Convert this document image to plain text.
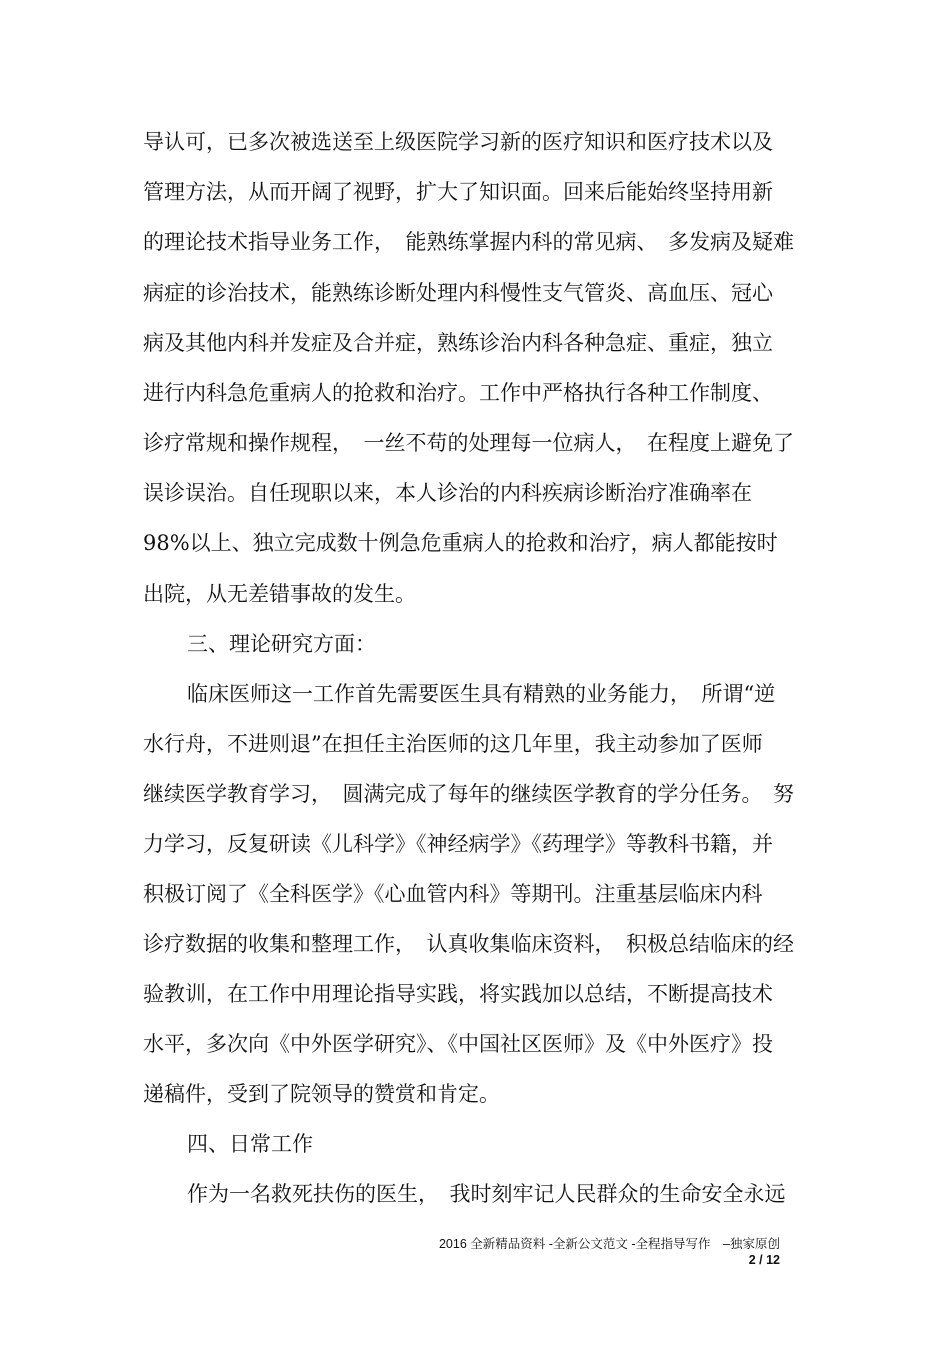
导认可，已多次被选送至上级医院学习新的医疗知识和医疗技术以及
管理方法，从而开阔了视野，扩大了知识面。回来后能始终坚持用新
的理论技术指导业务工作，　能熟练掌握内科的常见病、　多发病及疑难
病症的诊治技术，能熟练诊断处理内科慢性支气管炎、高血压、冠心
病及其他内科并发症及合并症，熟练诊治内科各种急症、重症，独立
进行内科急危重病人的抢救和治疗。工作中严格执行各种工作制度、
诊疗常规和操作规程，　一丝不苟的处理每一位病人，　在程度上避免了
误诊误治。自任现职以来，本人诊治的内科疾病诊断治疗准确率在
98%以上、独立完成数十例急危重病人的抢救和治疗，病人都能按时
出院，从无差错事故的发生。
三、理论研究方面：
临床医师这一工作首先需要医生具有精熟的业务能力，　所谓“逆
水行舟，不进则退”在担任主治医师的这几年里，我主动参加了医师
继续医学教育学习，　圆满完成了每年的继续医学教育的学分任务。　努
力学习，反复研读《儿科学》《神经病学》《药理学》等教科书籍，并
积极订阅了《全科医学》《心血管内科》等期刊。注重基层临床内科
诊疗数据的收集和整理工作，　认真收集临床资料，　积极总结临床的经
验教训，在工作中用理论指导实践，将实践加以总结，不断提高技术
水平，多次向《中外医学研究》、《中国社区医师》及《中外医疗》投
递稿件，受到了院领导的赞赏和肯定。
四、日常工作
作为一名救死扶伤的医生，　我时刻牢记人民群众的生命安全永远
2016 全新精品资料 -全新公文范文 -全程指导写作　–独家原创
2 / 12
